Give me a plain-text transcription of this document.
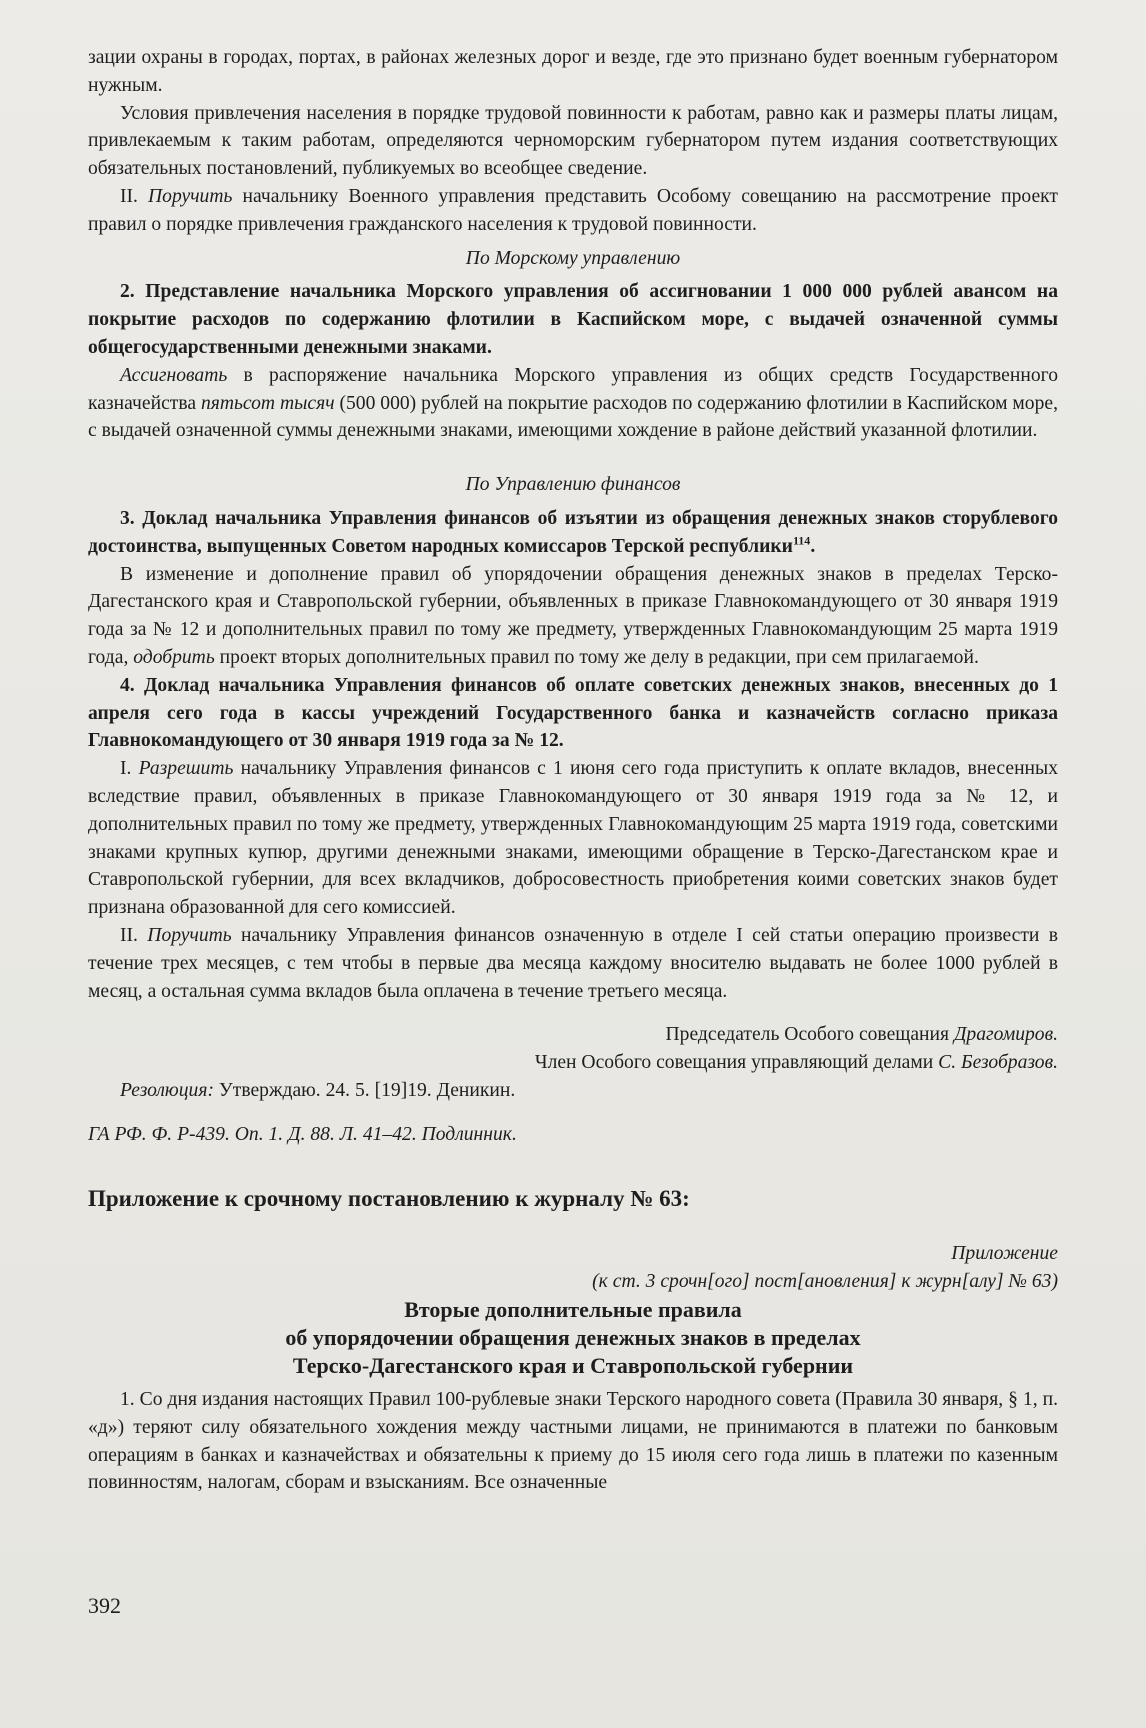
зации охраны в городах, портах, в районах железных дорог и везде, где это признано будет военным губернатором нужным.

Условия привлечения населения в порядке трудовой повинности к работам, равно как и размеры платы лицам, привлекаемым к таким работам, определяются черноморским губернатором путем издания соответствующих обязательных постановлений, публикуемых во всеобщее сведение.

II. Поручить начальнику Военного управления представить Особому совещанию на рассмотрение проект правил о порядке привлечения гражданского населения к трудовой повинности.

По Морскому управлению

2. Представление начальника Морского управления об ассигновании 1 000 000 рублей авансом на покрытие расходов по содержанию флотилии в Каспийском море, с выдачей означенной суммы общегосударственными денежными знаками.

Ассигновать в распоряжение начальника Морского управления из общих средств Государственного казначейства пятьсот тысяч (500 000) рублей на покрытие расходов по содержанию флотилии в Каспийском море, с выдачей означенной суммы денежными знаками, имеющими хождение в районе действий указанной флотилии.

По Управлению финансов

3. Доклад начальника Управления финансов об изъятии из обращения денежных знаков сторублевого достоинства, выпущенных Советом народных комиссаров Терской республики$^{114}$.

В изменение и дополнение правил об упорядочении обращения денежных знаков в пределах Терско-Дагестанского края и Ставропольской губернии, объявленных в приказе Главнокомандующего от 30 января 1919 года за № 12 и дополнительных правил по тому же предмету, утвержденных Главнокомандующим 25 марта 1919 года, одобрить проект вторых дополнительных правил по тому же делу в редакции, при сем прилагаемой.

4. Доклад начальника Управления финансов об оплате советских денежных знаков, внесенных до 1 апреля сего года в кассы учреждений Государственного банка и казначейств согласно приказа Главнокомандующего от 30 января 1919 года за № 12.

I. Разрешить начальнику Управления финансов с 1 июня сего года приступить к оплате вкладов, внесенных вследствие правил, объявленных в приказе Главнокомандующего от 30 января 1919 года за № 12, и дополнительных правил по тому же предмету, утвержденных Главнокомандующим 25 марта 1919 года, советскими знаками крупных купюр, другими денежными знаками, имеющими обращение в Терско-Дагестанском крае и Ставропольской губернии, для всех вкладчиков, добросовестность приобретения коими советских знаков будет признана образованной для сего комиссией.

II. Поручить начальнику Управления финансов означенную в отделе I сей статьи операцию произвести в течение трех месяцев, с тем чтобы в первые два месяца каждому вносителю выдавать не более 1000 рублей в месяц, а остальная сумма вкладов была оплачена в течение третьего месяца.

Председатель Особого совещания Драгомиров.

Член Особого совещания управляющий делами С. Безобразов.

Резолюция: Утверждаю. 24. 5. [19]19. Деникин.

ГА РФ. Ф. Р-439. Оп. 1. Д. 88. Л. 41–42. Подлинник.

Приложение к срочному постановлению к журналу № 63:

Приложение

(к ст. 3 срочн[ого] пост[ановления] к журн[алу] № 63)

Вторые дополнительные правила

об упорядочении обращения денежных знаков в пределах

Терско-Дагестанского края и Ставропольской губернии

1. Со дня издания настоящих Правил 100-рублевые знаки Терского народного совета (Правила 30 января, § 1, п. «д») теряют силу обязательного хождения между частными лицами, не принимаются в платежи по банковым операциям в банках и казначействах и обязательны к приему до 15 июля сего года лишь в платежи по казенным повинностям, налогам, сборам и взысканиям. Все означенные

392
